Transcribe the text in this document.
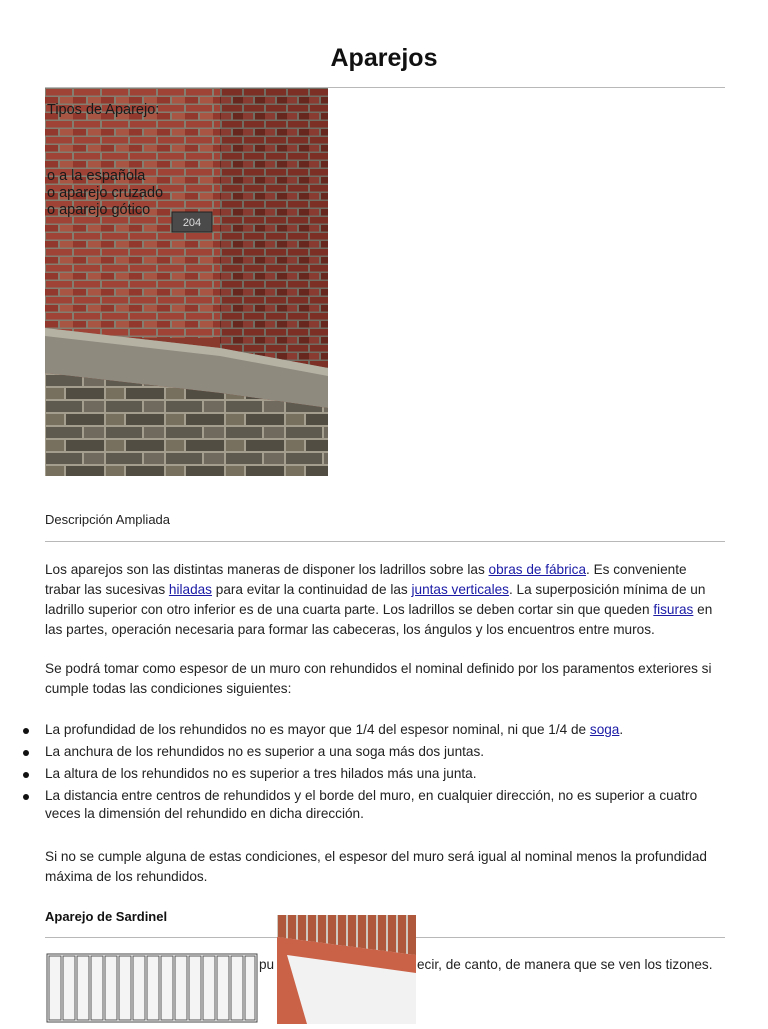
Aparejos
204
Tipos de Aparejo:
o a la española
o aparejo cruzado
o aparejo gótico
Descripción Ampliada

Los aparejos son las distintas maneras de disponer los ladrillos sobre las obras de fábrica. Es conveniente trabar las sucesivas hiladas para evitar la continuidad de las juntas verticales. La superposición mínima de un ladrillo superior con otro inferior es de una cuarta parte. Los ladrillos se deben cortar sin que queden fisuras en las partes, operación necesaria para formar las cabeceras, los ángulos y los encuentros entre muros.

Se podrá tomar como espesor de un muro con rehundidos el nominal definido por los paramentos exteriores si cumple todas las condiciones siguientes:

La profundidad de los rehundidos no es mayor que 1/4 del espesor nominal, ni que 1/4 de soga.
La anchura de los rehundidos no es superior a una soga más dos juntas.
La altura de los rehundidos no es superior a tres hilados más una junta.
La distancia entre centros de rehundidos y el borde del muro, en cualquier dirección, no es superior a cuatro veces la dimensión del rehundido en dicha dirección.

Si no se cumple alguna de estas condiciones, el espesor del muro será igual al nominal menos la profundidad máxima de los rehundidos.

Aparejo de Sardinel
pu	ecir, de canto, de manera que se ven los tizones.
